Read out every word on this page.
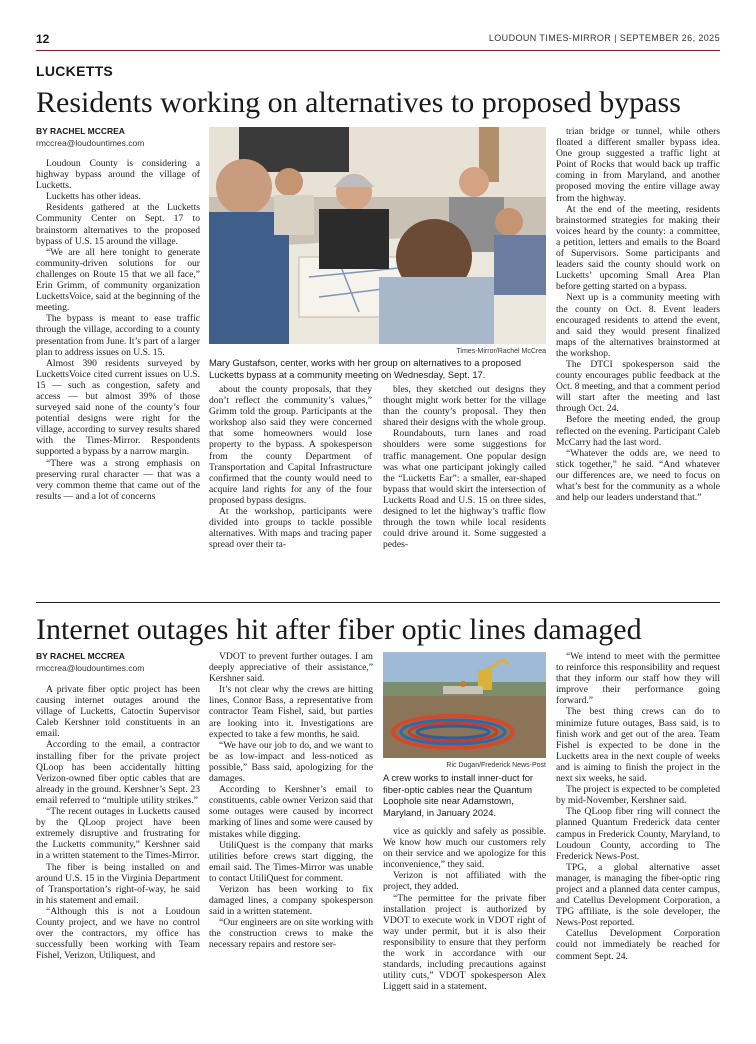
12	LOUDOUN TIMES-MIRROR | SEPTEMBER 26, 2025
LUCKETTS
Residents working on alternatives to proposed bypass
BY RACHEL MCCREA
rmccrea@loudountimes.com

Loudoun County is considering a highway bypass around the village of Lucketts.

Lucketts has other ideas.

Residents gathered at the Lucketts Community Center on Sept. 17 to brainstorm alternatives to the proposed bypass of U.S. 15 around the village.

“We are all here tonight to generate community-driven solutions for our challenges on Route 15 that we all face,” Erin Grimm, of community organization LuckettsVoice, said at the beginning of the meeting.

The bypass is meant to ease traffic through the village, according to a county presentation from June. It’s part of a larger plan to address issues on U.S. 15.

Almost 390 residents surveyed by LuckettsVoice cited current issues on U.S. 15 — such as congestion, safety and access — but almost 39% of those surveyed said none of the county’s four potential designs were right for the village, according to survey results shared with the Times-Mirror. Respondents supported a bypass by a narrow margin.

“There was a strong emphasis on preserving rural character — that was a very common theme that came out of the results — and a lot of concerns

Times-Mirror/Rachel McCrea
Mary Gustafson, center, works with her group on alternatives to a proposed Lucketts bypass at a community meeting on Wednesday, Sept. 17.

about the county proposals, that they don’t reflect the community’s values,” Grimm told the group. Participants at the workshop also said they were concerned that some homeowners would lose property to the bypass. A spokesperson from the county Department of Transportation and Capital Infrastructure confirmed that the county would need to acquire land rights for any of the four proposed bypass designs.

At the workshop, participants were divided into groups to tackle possible alternatives. With maps and tracing paper spread over their ta-

bles, they sketched out designs they thought might work better for the village than the county’s proposal. They then shared their designs with the whole group.

Roundabouts, turn lanes and road shoulders were some suggestions for traffic management. One popular design was what one participant jokingly called the “Lucketts Ear”: a smaller, ear-shaped bypass that would skirt the intersection of Lucketts Road and U.S. 15 on three sides, designed to let the highway’s traffic flow through the town while local residents could drive around it. Some suggested a pedes-

trian bridge or tunnel, while others floated a different smaller bypass idea. One group suggested a traffic light at Point of Rocks that would back up traffic coming in from Maryland, and another proposed moving the entire village away from the highway.

At the end of the meeting, residents brainstormed strategies for making their voices heard by the county: a committee, a petition, letters and emails to the Board of Supervisors. Some participants and leaders said the county should work on Lucketts’ upcoming Small Area Plan before getting started on a bypass.

Next up is a community meeting with the county on Oct. 8. Event leaders encouraged residents to attend the event, and said they would present finalized maps of the alternatives brainstormed at the workshop.

The DTCI spokesperson said the county encourages public feedback at the Oct. 8 meeting, and that a comment period will start after the meeting and last through Oct. 24.

Before the meeting ended, the group reflected on the evening. Participant Caleb McCarry had the last word.

“Whatever the odds are, we need to stick together,” he said. “And whatever our differences are, we need to focus on what’s best for the community as a whole and help our leaders understand that.”

Internet outages hit after fiber optic lines damaged
BY RACHEL MCCREA
rmccrea@loudountimes.com

A private fiber optic project has been causing internet outages around the village of Lucketts, Catoctin Supervisor Caleb Kershner told constituents in an email.

According to the email, a contractor installing fiber for the private project QLoop has been accidentally hitting Verizon-owned fiber optic cables that are already in the ground. Kershner’s Sept. 23 email referred to “multiple utility strikes.”

“The recent outages in Lucketts caused by the QLoop project have been extremely disruptive and frustrating for the Lucketts community,” Kershner said in a written statement to the Times-Mirror.

The fiber is being installed on and around U.S. 15 in the Virginia Department of Transportation’s right-of-way, he said in his statement and email.

“Although this is not a Loudoun County project, and we have no control over the contractors, my office has successfully been working with Team Fishel, Verizon, Utiliquest, and

VDOT to prevent further outages. I am deeply appreciative of their assistance,” Kershner said.

It’s not clear why the crews are hitting lines, Connor Bass, a representative from contractor Team Fishel, said, but parties are looking into it. Investigations are expected to take a few months, he said.

“We have our job to do, and we want to be as low-impact and less-noticed as possible,” Bass said, apologizing for the damages.

According to Kershner’s email to constituents, cable owner Verizon said that some outages were caused by incorrect marking of lines and some were caused by mistakes while digging.

UtiliQuest is the company that marks utilities before crews start digging, the email said. The Times-Mirror was unable to contact UtiliQuest for comment.

Verizon has been working to fix damaged lines, a company spokesperson said in a written statement.

“Our engineers are on site working with the construction crews to make the necessary repairs and restore ser-

Ric Dugan/Frederick News-Post
A crew works to install inner-duct for fiber-optic cables near the Quantum Loophole site near Adamstown, Maryland, in January 2024.

vice as quickly and safely as possible. We know how much our customers rely on their service and we apologize for this inconvenience,” they said.

Verizon is not affiliated with the project, they added.

“The permittee for the private fiber installation project is authorized by VDOT to execute work in VDOT right of way under permit, but it is also their responsibility to ensure that they perform the work in accordance with our standards, including precautions against utility cuts,” VDOT spokesperson Alex Liggett said in a statement.

“We intend to meet with the permittee to reinforce this responsibility and request that they inform our staff how they will improve their performance going forward.”

The best thing crews can do to minimize future outages, Bass said, is to finish work and get out of the area. Team Fishel is expected to be done in the Lucketts area in the next couple of weeks and is aiming to finish the project in the next six weeks, he said.

The project is expected to be completed by mid-November, Kershner said.

The QLoop fiber ring will connect the planned Quantum Frederick data center campus in Frederick County, Maryland, to Loudoun County, according to The Frederick News-Post.

TPG, a global alternative asset manager, is managing the fiber-optic ring project and a planned data center campus, and Catellus Development Corporation, a TPG affiliate, is the sole developer, the News-Post reported.

Catellus Development Corporation could not immediately be reached for comment Sept. 24.
